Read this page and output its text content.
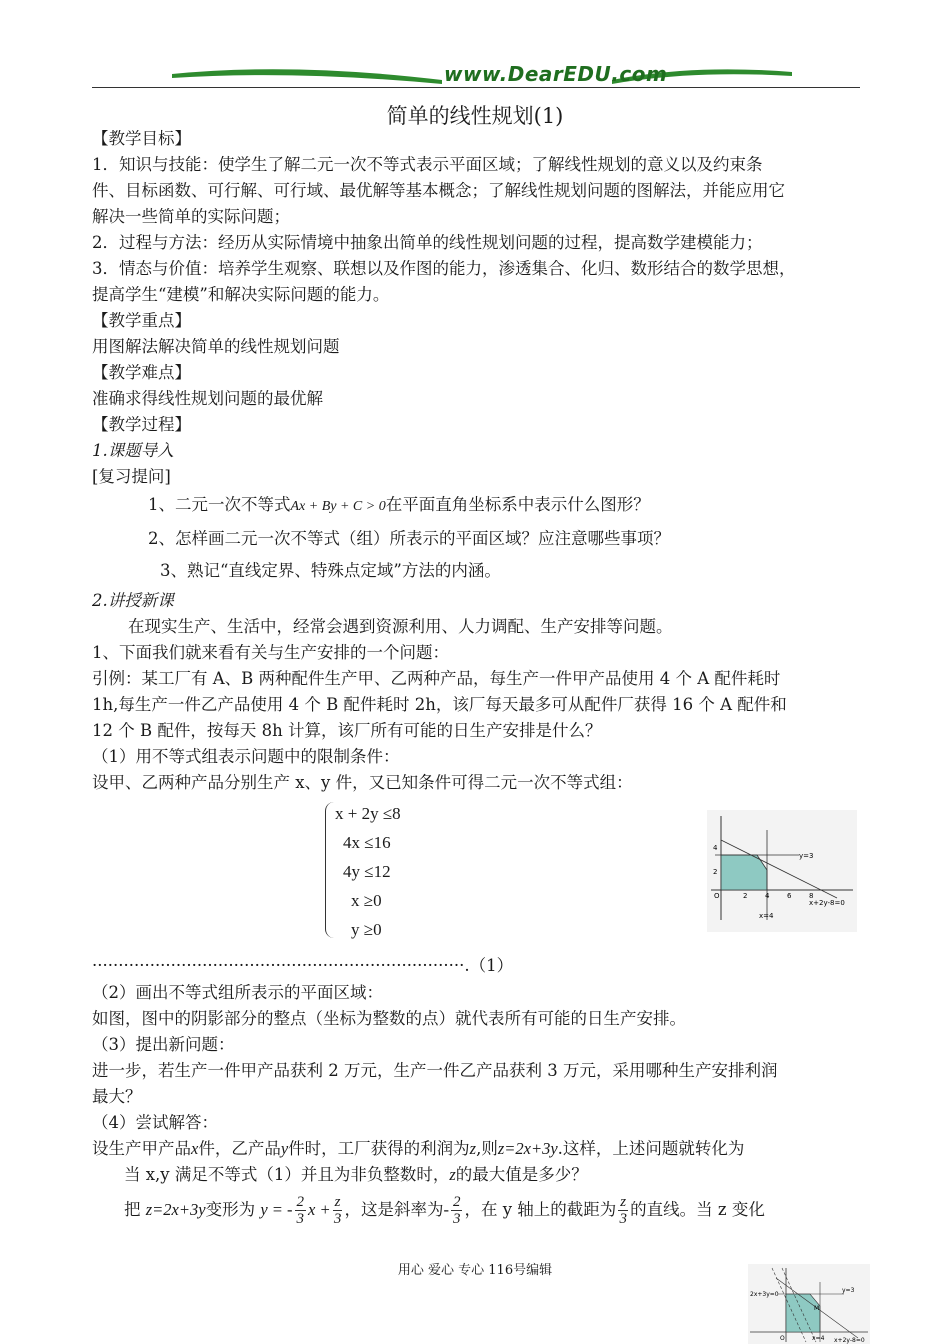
www.DearEDU.com
简单的线性规划(1)
【教学目标】
1．知识与技能：使学生了解二元一次不等式表示平面区域；了解线性规划的意义以及约束条
件、目标函数、可行解、可行域、最优解等基本概念；了解线性规划问题的图解法，并能应用它
解决一些简单的实际问题；
2．过程与方法：经历从实际情境中抽象出简单的线性规划问题的过程，提高数学建模能力；
3．情态与价值：培养学生观察、联想以及作图的能力，渗透集合、化归、数形结合的数学思想，
提高学生“建模”和解决实际问题的能力。
【教学重点】
用图解法解决简单的线性规划问题
【教学难点】
准确求得线性规划问题的最优解
【教学过程】
1.课题导入
[复习提问]
1、二元一次不等式Ax + By + C > 0在平面直角坐标系中表示什么图形？
2、怎样画二元一次不等式（组）所表示的平面区域？应注意哪些事项？
3、熟记“直线定界、特殊点定域”方法的内涵。
2.讲授新课
在现实生产、生活中，经常会遇到资源利用、人力调配、生产安排等问题。
1、下面我们就来看有关与生产安排的一个问题：
引例：某工厂有 A、B 两种配件生产甲、乙两种产品，每生产一件甲产品使用 4 个 A 配件耗时
1h,每生产一件乙产品使用 4 个 B 配件耗时 2h，该厂每天最多可从配件厂获得 16 个 A 配件和
12 个 B 配件，按每天 8h 计算，该厂所有可能的日生产安排是什么？
（1）用不等式组表示问题中的限制条件：
设甲、乙两种产品分别生产 x、y 件，又已知条件可得二元一次不等式组：
x + 2y ≤8
4x ≤16
4y ≤12
x ≥0
y ≥0
y=3
x+2y-8=0
x=4
O	2	4	6	8
2
4
·······································································.（1）
（2）画出不等式组所表示的平面区域：
如图，图中的阴影部分的整点（坐标为整数的点）就代表所有可能的日生产安排。
（3）提出新问题：
进一步，若生产一件甲产品获利 2 万元，生产一件乙产品获利 3 万元，采用哪种生产安排利润
最大？
（4）尝试解答：
设生产甲产品x件，乙产品y件时，工厂获得的利润为z,则z=2x+3y.这样，上述问题就转化为
当 x,y 满足不等式（1）并且为非负整数时，z的最大值是多少？
把 z=2x+3y变形为 y = - $\frac{2}{3}$ $x + \frac{z}{3}$ ，这是斜率为- $\frac{2}{3}$ ，在 y 轴上的截距为 $\frac{z}{3}$ 的直线。当 z 变化
用心 爱心 专心 116号编辑
y=3
2x+3y=0
M
x=4 x+2y-8=0
O
